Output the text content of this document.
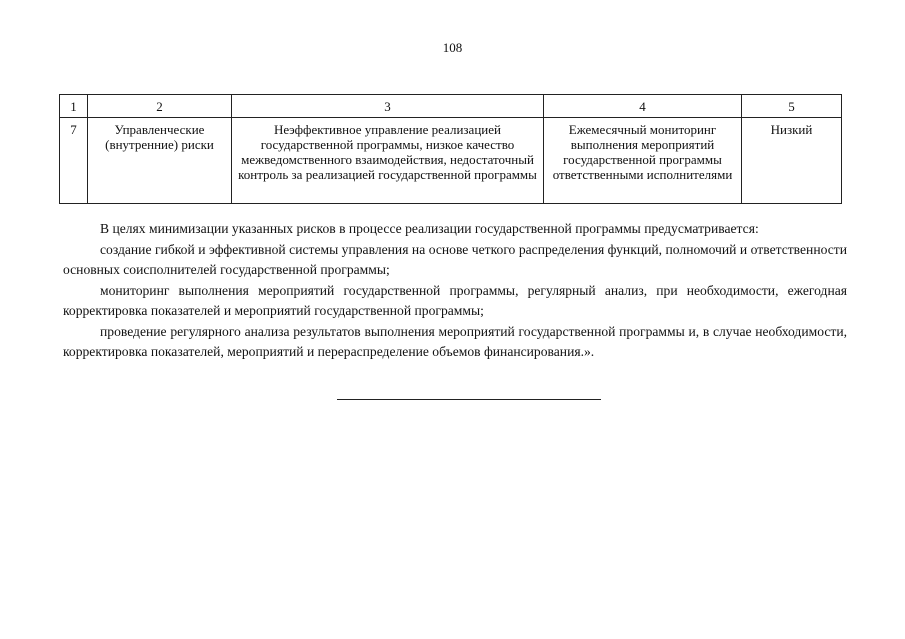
108
1	2	3	4	5
7	Управленческие (внутренние) риски	Неэффективное управление реализацией государственной программы, низкое качество межведомственного взаимодействия, недостаточный контроль за реализацией государственной программы	Ежемесячный мониторинг выполнения мероприятий государственной программы ответственными исполнителями	Низкий

В целях минимизации указанных рисков в процессе реализации государственной программы предусматривается:

создание гибкой и эффективной системы управления на основе четкого распределения функций, полномочий и ответственности основных соисполнителей государственной программы;

мониторинг выполнения мероприятий государственной программы, регулярный анализ, при необходимости, ежегодная корректировка показателей и мероприятий государственной программы;

проведение регулярного анализа результатов выполнения мероприятий государственной программы и, в случае необходимости, корректировка показателей, мероприятий и перераспределение объемов финансирования.».
